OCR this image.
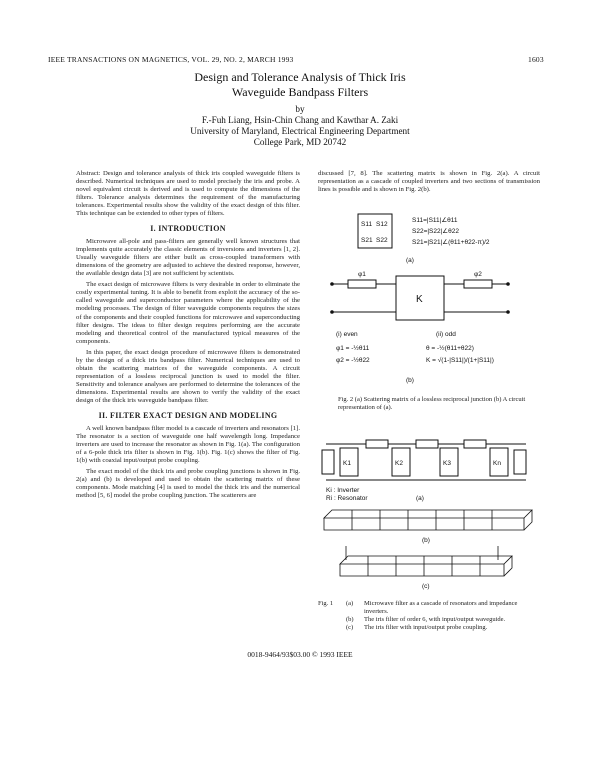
IEEE TRANSACTIONS ON MAGNETICS, VOL. 29, NO. 2, MARCH 1993	1603
Design and Tolerance Analysis of Thick Iris
Waveguide Bandpass Filters
by
F.-Fuh Liang, Hsin-Chin Chang and Kawthar A. Zaki
University of Maryland, Electrical Engineering Department
College Park, MD 20742

Abstract: Design and tolerance analysis of thick iris coupled waveguide filters is described. Numerical techniques are used to model precisely the iris and probe. A novel equivalent circuit is derived and is used to compute the dimensions of the filters. Tolerance analysis determines the requirement of the manufacturing tolerances. Experimental results show the validity of the exact design of this filter. This technique can be extended to other types of filters.

I. INTRODUCTION

Microwave all-pole and pass-filters are generally well known structures that implements quite accurately the classic elements of inversions and inverters [1, 2]. Usually waveguide filters are either built as cross-coupled transformers with dimensions of the geometry are adjusted to achieve the desired response, however, the available design data [3] are not sufficient by scientists.

The exact design of microwave filters is very desirable in order to eliminate the costly experimental tuning. It is able to benefit from exploit the accuracy of the so-called waveguide and superconductor parameters where the applicability of the modeling processes. The design of filter waveguide components requires the sizes of the components and their coupled functions for microwave and superconducting filter designs. The ideas to filter design requires performing are the accurate modeling and theoretical control of the manufactured typical measures of the components.

In this paper, the exact design procedure of microwave filters is demonstrated by the design of a thick iris bandpass filter. Numerical techniques are used to obtain the scattering matrices of the waveguide components. A circuit representation of a lossless reciprocal junction is used to model the filter. Sensitivity and tolerance analyses are performed to determine the tolerances of the dimensions. Experimental results are shown to verify the validity of the exact design of the thick iris waveguide bandpass filter.

II. FILTER EXACT DESIGN AND MODELING

A well known bandpass filter model is a cascade of inverters and resonators [1]. The resonator is a section of waveguide one half wavelength long. Impedance inverters are used to increase the resonator as shown in Fig. 1(a). The configuration of a 6-pole thick iris filter is shown in Fig. 1(b). Fig. 1(c) shows the filter of Fig. 1(b) with coaxial input/output probe coupling.

The exact model of the thick iris and probe coupling junctions is shown in Fig. 2(a) and (b) is developed and used to obtain the scattering matrix of these components. Mode matching [4] is used to model the thick iris and the numerical method [5, 6] model the probe coupling junction. The scatterers are

discussed [7, 8]. The scattering matrix is shown in Fig. 2(a). A circuit representation as a cascade of coupled inverters and two sections of transmission lines is possible and is shown in Fig. 2(b).

S11 S12
S21 S22
S11=|S11|∠θ11
S22=|S22|∠θ22
S21=|S21|∠(θ11+θ22-π)/2
(a)
K
φ1	φ2
(i) even	(ii) odd
φ1 = -½θ11
φ2 = -½θ22
θ = -½(θ11+θ22)
K = √(1-|S11|)/(1+|S11|)
(b)
Fig. 2 (a) Scattering matrix of a lossless reciprocal junction (b) A circuit representation of (a).
K1	K2	K3	Kn
Ki : Inverter
Ri : Resonator	(a)
(b)
(c)
Fig. 1	(a)	Microwave filter as a cascade of resonators and impedance inverters.
(b)	The iris filter of order 6, with input/output waveguide.
(c)	The iris filter with input/output probe coupling.
0018-9464/93$03.00 © 1993 IEEE
